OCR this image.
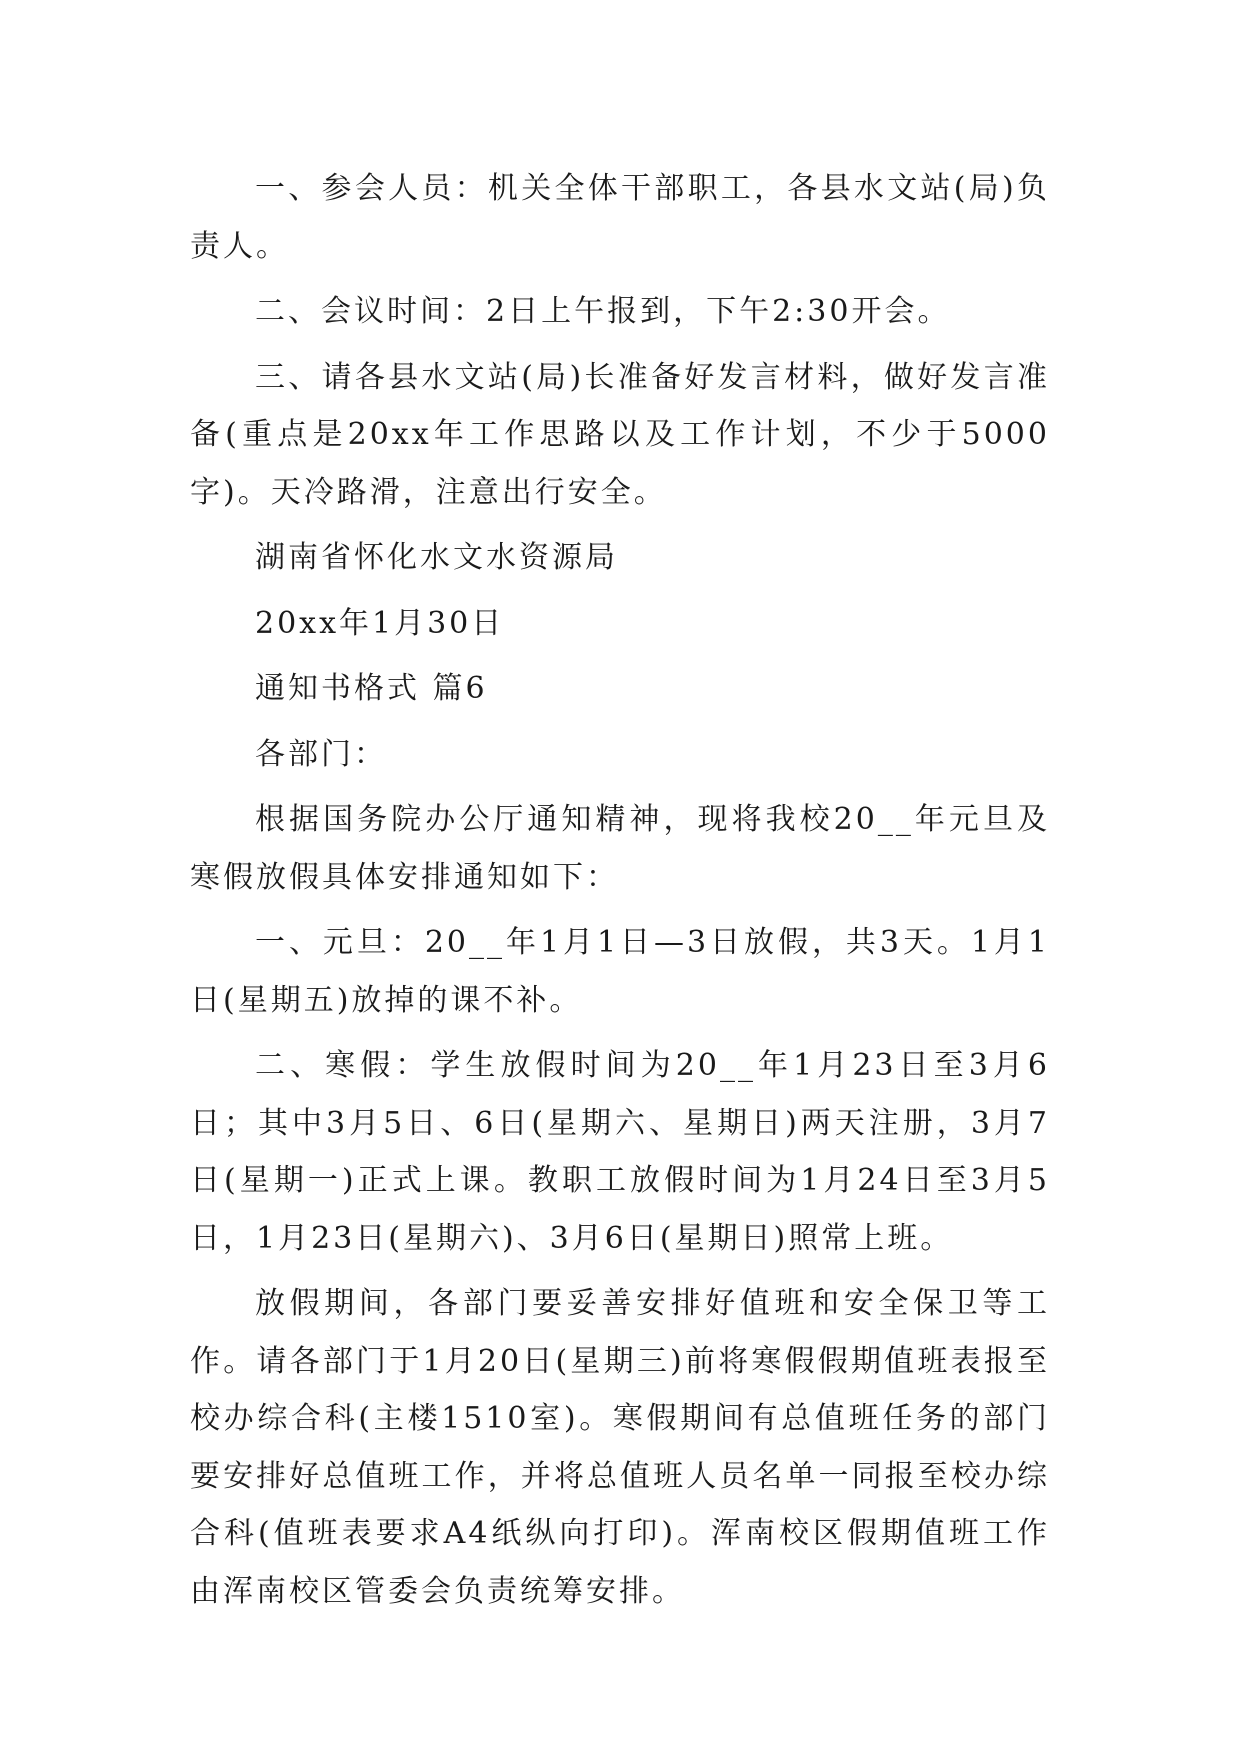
一、参会人员：机关全体干部职工，各县水文站(局)负责人。

二、会议时间：2日上午报到，下午2:30开会。

三、请各县水文站(局)长准备好发言材料，做好发言准备(重点是20xx年工作思路以及工作计划，不少于5000字)。天冷路滑，注意出行安全。

湖南省怀化水文水资源局

20xx年1月30日

通知书格式 篇6

各部门：

根据国务院办公厅通知精神，现将我校20__年元旦及寒假放假具体安排通知如下：

一、元旦：20__年1月1日—3日放假，共3天。1月1日(星期五)放掉的课不补。

二、寒假：学生放假时间为20__年1月23日至3月6日；其中3月5日、6日(星期六、星期日)两天注册，3月7日(星期一)正式上课。教职工放假时间为1月24日至3月5日，1月23日(星期六)、3月6日(星期日)照常上班。

放假期间，各部门要妥善安排好值班和安全保卫等工作。请各部门于1月20日(星期三)前将寒假假期值班表报至校办综合科(主楼1510室)。寒假期间有总值班任务的部门要安排好总值班工作，并将总值班人员名单一同报至校办综合科(值班表要求A4纸纵向打印)。浑南校区假期值班工作由浑南校区管委会负责统筹安排。
